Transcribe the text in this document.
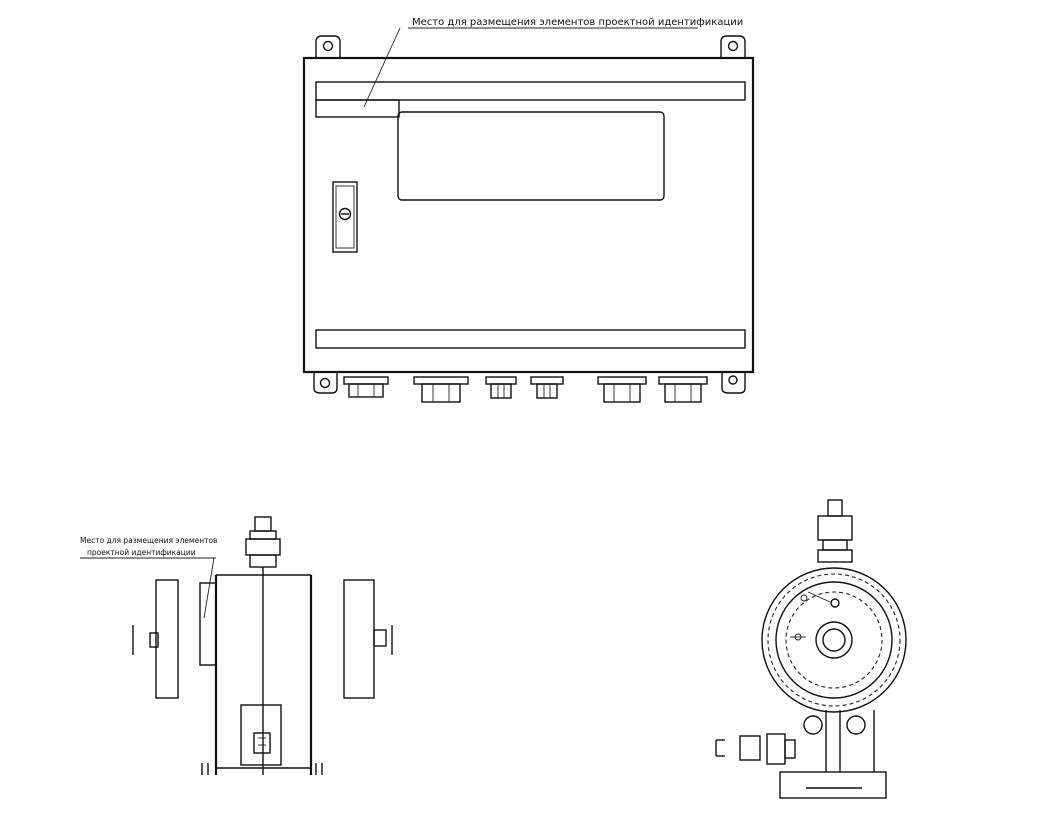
Место для размещения элементов проектной идентификации
Место для размещения элементов
проектной идентификации
